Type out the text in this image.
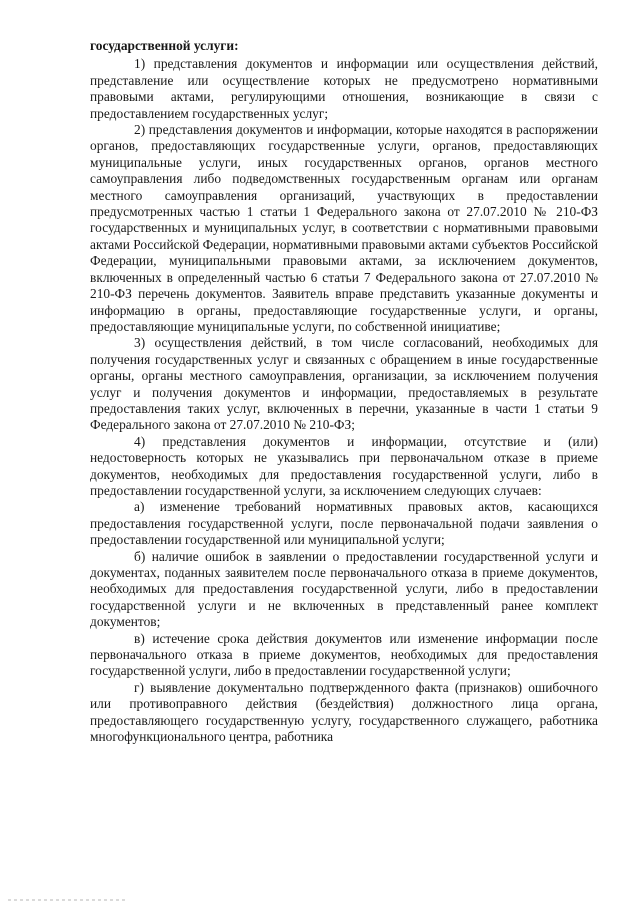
государственной услуги:

1) представления документов и информации или осуществления действий, представление или осуществление которых не предусмотрено нормативными правовыми актами, регулирующими отношения, возникающие в связи с предоставлением государственных услуг;

2) представления документов и информации, которые находятся в распоряжении органов, предоставляющих государственные услуги, органов, предоставляющих муниципальные услуги, иных государственных органов, органов местного самоуправления либо подведомственных государственным органам или органам местного самоуправления организаций, участвующих в предоставлении предусмотренных частью 1 статьи 1 Федерального закона от 27.07.2010 № 210-ФЗ государственных и муниципальных услуг, в соответствии с нормативными правовыми актами Российской Федерации, нормативными правовыми актами субъектов Российской Федерации, муниципальными правовыми актами, за исключением документов, включенных в определенный частью 6 статьи 7 Федерального закона от 27.07.2010 № 210-ФЗ перечень документов. Заявитель вправе представить указанные документы и информацию в органы, предоставляющие государственные услуги, и органы, предоставляющие муниципальные услуги, по собственной инициативе;

3) осуществления действий, в том числе согласований, необходимых для получения государственных услуг и связанных с обращением в иные государственные органы, органы местного самоуправления, организации, за исключением получения услуг и получения документов и информации, предоставляемых в результате предоставления таких услуг, включенных в перечни, указанные в части 1 статьи 9 Федерального закона от 27.07.2010 № 210-ФЗ;

4) представления документов и информации, отсутствие и (или) недостоверность которых не указывались при первоначальном отказе в приеме документов, необходимых для предоставления государственной услуги, либо в предоставлении государственной услуги, за исключением следующих случаев:

а) изменение требований нормативных правовых актов, касающихся предоставления государственной услуги, после первоначальной подачи заявления о предоставлении государственной или муниципальной услуги;

б) наличие ошибок в заявлении о предоставлении государственной услуги и документах, поданных заявителем после первоначального отказа в приеме документов, необходимых для предоставления государственной услуги, либо в предоставлении государственной услуги и не включенных в представленный ранее комплект документов;

в) истечение срока действия документов или изменение информации после первоначального отказа в приеме документов, необходимых для предоставления государственной услуги, либо в предоставлении государственной услуги;

г) выявление документально подтвержденного факта (признаков) ошибочного или противоправного действия (бездействия) должностного лица органа, предоставляющего государственную услугу, государственного служащего, работника многофункционального центра, работника
